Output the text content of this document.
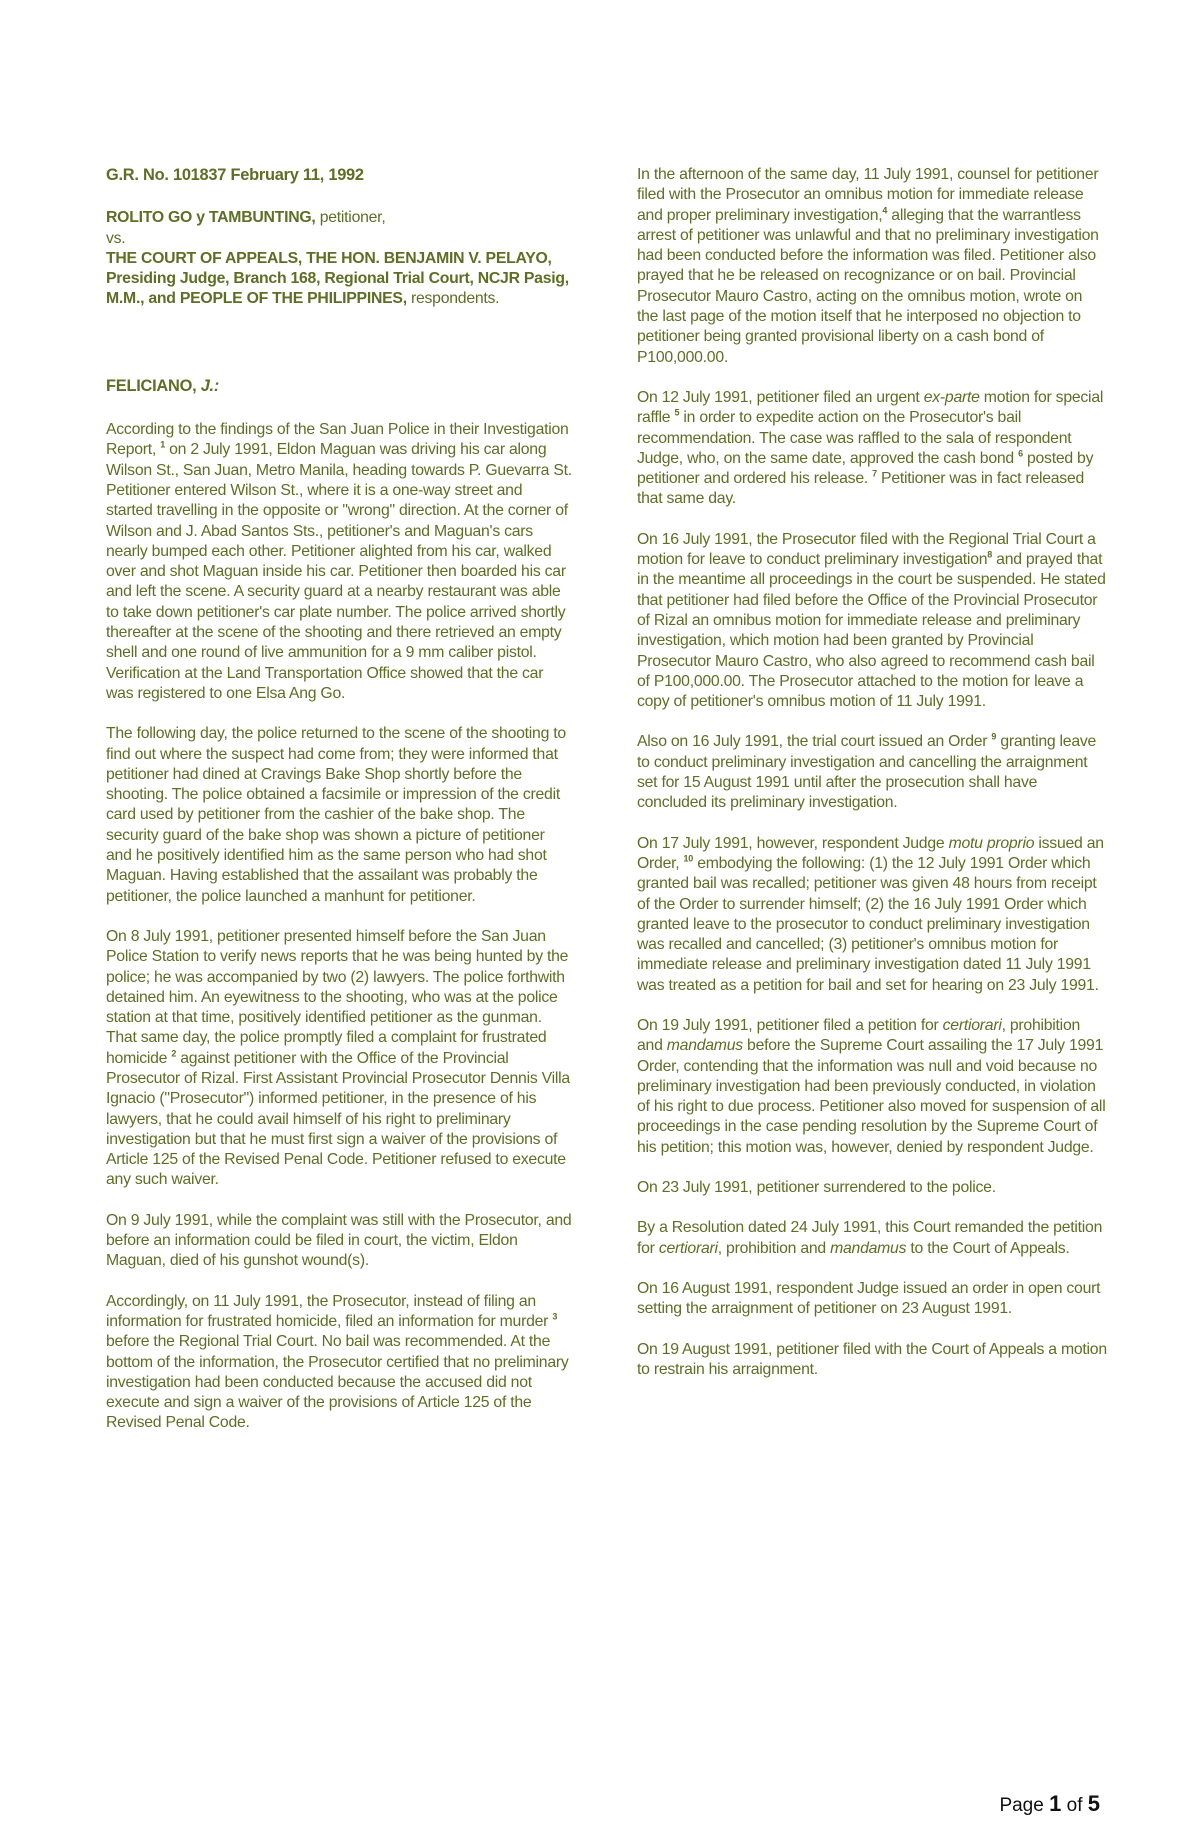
G.R. No. 101837 February 11, 1992

ROLITO GO y TAMBUNTING, petitioner,

vs.

THE COURT OF APPEALS, THE HON. BENJAMIN V. PELAYO, Presiding Judge, Branch 168, Regional Trial Court, NCJR Pasig, M.M., and PEOPLE OF THE PHILIPPINES, respondents.

FELICIANO, J.:

According to the findings of the San Juan Police in their Investigation Report, $^1$ on 2 July 1991, Eldon Maguan was driving his car along Wilson St., San Juan, Metro Manila, heading towards P. Guevarra St. Petitioner entered Wilson St., where it is a one-way street and started travelling in the opposite or "wrong" direction. At the corner of Wilson and J. Abad Santos Sts., petitioner's and Maguan's cars nearly bumped each other. Petitioner alighted from his car, walked over and shot Maguan inside his car. Petitioner then boarded his car and left the scene. A security guard at a nearby restaurant was able to take down petitioner's car plate number. The police arrived shortly thereafter at the scene of the shooting and there retrieved an empty shell and one round of live ammunition for a 9 mm caliber pistol. Verification at the Land Transportation Office showed that the car was registered to one Elsa Ang Go.

The following day, the police returned to the scene of the shooting to find out where the suspect had come from; they were informed that petitioner had dined at Cravings Bake Shop shortly before the shooting. The police obtained a facsimile or impression of the credit card used by petitioner from the cashier of the bake shop. The security guard of the bake shop was shown a picture of petitioner and he positively identified him as the same person who had shot Maguan. Having established that the assailant was probably the petitioner, the police launched a manhunt for petitioner.

On 8 July 1991, petitioner presented himself before the San Juan Police Station to verify news reports that he was being hunted by the police; he was accompanied by two (2) lawyers. The police forthwith detained him. An eyewitness to the shooting, who was at the police station at that time, positively identified petitioner as the gunman. That same day, the police promptly filed a complaint for frustrated homicide $^2$ against petitioner with the Office of the Provincial Prosecutor of Rizal. First Assistant Provincial Prosecutor Dennis Villa Ignacio ("Prosecutor") informed petitioner, in the presence of his lawyers, that he could avail himself of his right to preliminary investigation but that he must first sign a waiver of the provisions of Article 125 of the Revised Penal Code. Petitioner refused to execute any such waiver.

On 9 July 1991, while the complaint was still with the Prosecutor, and before an information could be filed in court, the victim, Eldon Maguan, died of his gunshot wound(s).

Accordingly, on 11 July 1991, the Prosecutor, instead of filing an information for frustrated homicide, filed an information for murder $^3$ before the Regional Trial Court. No bail was recommended. At the bottom of the information, the Prosecutor certified that no preliminary investigation had been conducted because the accused did not execute and sign a waiver of the provisions of Article 125 of the Revised Penal Code.

In the afternoon of the same day, 11 July 1991, counsel for petitioner filed with the Prosecutor an omnibus motion for immediate release and proper preliminary investigation,$^4$ alleging that the warrantless arrest of petitioner was unlawful and that no preliminary investigation had been conducted before the information was filed. Petitioner also prayed that he be released on recognizance or on bail. Provincial Prosecutor Mauro Castro, acting on the omnibus motion, wrote on the last page of the motion itself that he interposed no objection to petitioner being granted provisional liberty on a cash bond of P100,000.00.

On 12 July 1991, petitioner filed an urgent ex-parte motion for special raffle $^5$ in order to expedite action on the Prosecutor's bail recommendation. The case was raffled to the sala of respondent Judge, who, on the same date, approved the cash bond $^6$ posted by petitioner and ordered his release. $^7$ Petitioner was in fact released that same day.

On 16 July 1991, the Prosecutor filed with the Regional Trial Court a motion for leave to conduct preliminary investigation$^8$ and prayed that in the meantime all proceedings in the court be suspended. He stated that petitioner had filed before the Office of the Provincial Prosecutor of Rizal an omnibus motion for immediate release and preliminary investigation, which motion had been granted by Provincial Prosecutor Mauro Castro, who also agreed to recommend cash bail of P100,000.00. The Prosecutor attached to the motion for leave a copy of petitioner's omnibus motion of 11 July 1991.

Also on 16 July 1991, the trial court issued an Order $^9$ granting leave to conduct preliminary investigation and cancelling the arraignment set for 15 August 1991 until after the prosecution shall have concluded its preliminary investigation.

On 17 July 1991, however, respondent Judge motu proprio issued an Order, $^{10}$ embodying the following: (1) the 12 July 1991 Order which granted bail was recalled; petitioner was given 48 hours from receipt of the Order to surrender himself; (2) the 16 July 1991 Order which granted leave to the prosecutor to conduct preliminary investigation was recalled and cancelled; (3) petitioner's omnibus motion for immediate release and preliminary investigation dated 11 July 1991 was treated as a petition for bail and set for hearing on 23 July 1991.

On 19 July 1991, petitioner filed a petition for certiorari, prohibition and mandamus before the Supreme Court assailing the 17 July 1991 Order, contending that the information was null and void because no preliminary investigation had been previously conducted, in violation of his right to due process. Petitioner also moved for suspension of all proceedings in the case pending resolution by the Supreme Court of his petition; this motion was, however, denied by respondent Judge.

On 23 July 1991, petitioner surrendered to the police.

By a Resolution dated 24 July 1991, this Court remanded the petition for certiorari, prohibition and mandamus to the Court of Appeals.

On 16 August 1991, respondent Judge issued an order in open court setting the arraignment of petitioner on 23 August 1991.

On 19 August 1991, petitioner filed with the Court of Appeals a motion to restrain his arraignment.

Page 1 of 5
